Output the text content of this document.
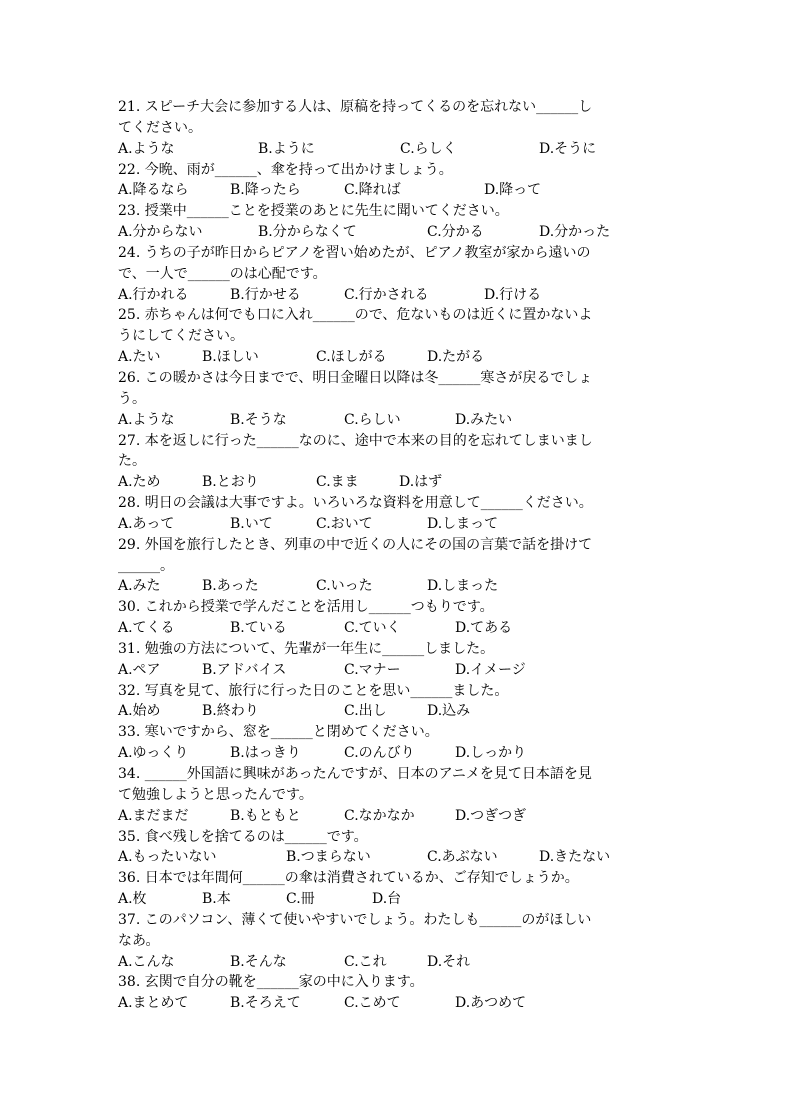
21. スピーチ大会に参加する人は、原稿を持ってくるのを忘れない______し
てください。
A.ような	B.ように	C.らしく	D.そうに
22. 今晩、雨が______、傘を持って出かけましょう。
A.降るなら	B.降ったら	C.降れば	D.降って
23. 授業中______ことを授業のあとに先生に聞いてください。
A.分からない	B.分からなくて	C.分かる	D.分かった
24. うちの子が昨日からピアノを習い始めたが、ピアノ教室が家から遠いの
で、一人で______のは心配です。
A.行かれる	B.行かせる	C.行かされる	D.行ける
25. 赤ちゃんは何でも口に入れ______ので、危ないものは近くに置かないよ
うにしてください。
A.たい	B.ほしい	C.ほしがる	D.たがる
26. この暖かさは今日までで、明日金曜日以降は冬______寒さが戻るでしょ
う。
A.ような	B.そうな	C.らしい	D.みたい
27. 本を返しに行った______なのに、途中で本来の目的を忘れてしまいまし
た。
A.ため	B.とおり	C.まま	D.はず
28. 明日の会議は大事ですよ。いろいろな資料を用意して______ください。
A.あって	B.いて	C.おいて	D.しまって
29. 外国を旅行したとき、列車の中で近くの人にその国の言葉で話を掛けて
______。
A.みた	B.あった	C.いった	D.しまった
30. これから授業で学んだことを活用し______つもりです。
A.てくる	B.ている	C.ていく	D.てある
31. 勉強の方法について、先輩が一年生に______しました。
A.ペア	B.アドバイス	C.マナー	D.イメージ
32. 写真を見て、旅行に行った日のことを思い______ました。
A.始め	B.終わり	C.出し	D.込み
33. 寒いですから、窓を______と閉めてください。
A.ゆっくり	B.はっきり	C.のんびり	D.しっかり
34. ______外国語に興味があったんですが、日本のアニメを見て日本語を見
て勉強しようと思ったんです。
A.まだまだ	B.もともと	C.なかなか	D.つぎつぎ
35. 食べ残しを捨てるのは______です。
A.もったいない	B.つまらない	C.あぶない	D.きたない
36. 日本では年間何______の傘は消費されているか、ご存知でしょうか。
A.枚	B.本	C.冊	D.台
37. このパソコン、薄くて使いやすいでしょう。わたしも______のがほしい
なあ。
A.こんな	B.そんな	C.これ	D.それ
38. 玄関で自分の靴を______家の中に入ります。
A.まとめて	B.そろえて	C.こめて	D.あつめて
